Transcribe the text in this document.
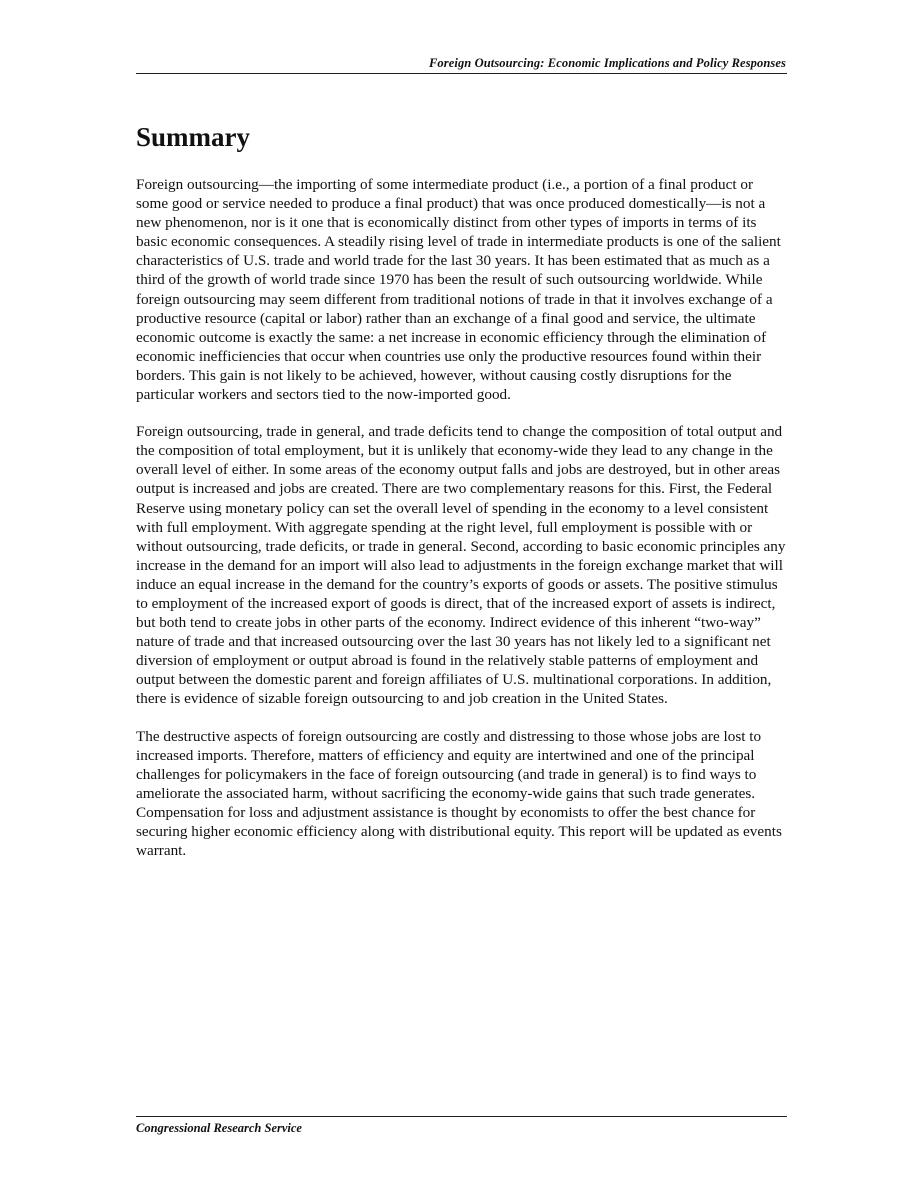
Foreign Outsourcing: Economic Implications and Policy Responses
Summary

Foreign outsourcing—the importing of some intermediate product (i.e., a portion of a final product or some good or service needed to produce a final product) that was once produced domestically—is not a new phenomenon, nor is it one that is economically distinct from other types of imports in terms of its basic economic consequences. A steadily rising level of trade in intermediate products is one of the salient characteristics of U.S. trade and world trade for the last 30 years. It has been estimated that as much as a third of the growth of world trade since 1970 has been the result of such outsourcing worldwide. While foreign outsourcing may seem different from traditional notions of trade in that it involves exchange of a productive resource (capital or labor) rather than an exchange of a final good and service, the ultimate economic outcome is exactly the same: a net increase in economic efficiency through the elimination of economic inefficiencies that occur when countries use only the productive resources found within their borders. This gain is not likely to be achieved, however, without causing costly disruptions for the particular workers and sectors tied to the now-imported good.

Foreign outsourcing, trade in general, and trade deficits tend to change the composition of total output and the composition of total employment, but it is unlikely that economy-wide they lead to any change in the overall level of either. In some areas of the economy output falls and jobs are destroyed, but in other areas output is increased and jobs are created. There are two complementary reasons for this. First, the Federal Reserve using monetary policy can set the overall level of spending in the economy to a level consistent with full employment. With aggregate spending at the right level, full employment is possible with or without outsourcing, trade deficits, or trade in general. Second, according to basic economic principles any increase in the demand for an import will also lead to adjustments in the foreign exchange market that will induce an equal increase in the demand for the country’s exports of goods or assets. The positive stimulus to employment of the increased export of goods is direct, that of the increased export of assets is indirect, but both tend to create jobs in other parts of the economy. Indirect evidence of this inherent “two-way” nature of trade and that increased outsourcing over the last 30 years has not likely led to a significant net diversion of employment or output abroad is found in the relatively stable patterns of employment and output between the domestic parent and foreign affiliates of U.S. multinational corporations. In addition, there is evidence of sizable foreign outsourcing to and job creation in the United States.

The destructive aspects of foreign outsourcing are costly and distressing to those whose jobs are lost to increased imports. Therefore, matters of efficiency and equity are intertwined and one of the principal challenges for policymakers in the face of foreign outsourcing (and trade in general) is to find ways to ameliorate the associated harm, without sacrificing the economy-wide gains that such trade generates. Compensation for loss and adjustment assistance is thought by economists to offer the best chance for securing higher economic efficiency along with distributional equity. This report will be updated as events warrant.

Congressional Research Service
